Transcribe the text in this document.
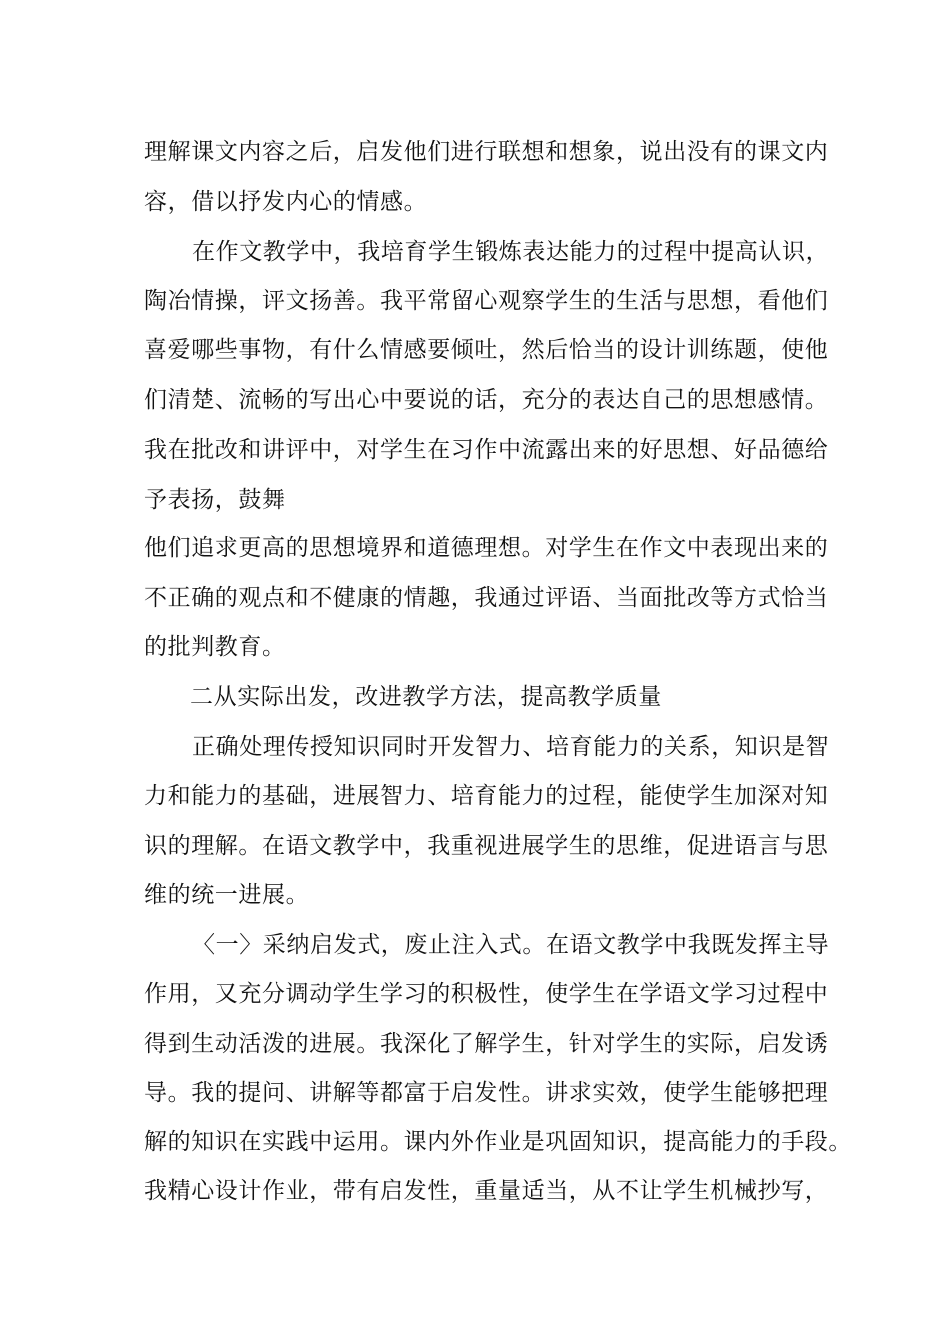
理解课文内容之后，启发他们进行联想和想象，说出没有的课文内
容，借以抒发内心的情感。
在作文教学中，我培育学生锻炼表达能力的过程中提高认识，
陶冶情操，评文扬善。我平常留心观察学生的生活与思想，看他们
喜爱哪些事物，有什么情感要倾吐，然后恰当的设计训练题，使他
们清楚、流畅的写出心中要说的话，充分的表达自己的思想感情。
我在批改和讲评中，对学生在习作中流露出来的好思想、好品德给
予表扬，鼓舞
他们追求更高的思想境界和道德理想。对学生在作文中表现出来的
不正确的观点和不健康的情趣，我通过评语、当面批改等方式恰当
的批判教育。
二从实际出发，改进教学方法，提高教学质量
正确处理传授知识同时开发智力、培育能力的关系，知识是智
力和能力的基础，进展智力、培育能力的过程，能使学生加深对知
识的理解。在语文教学中，我重视进展学生的思维，促进语言与思
维的统一进展。
〈一〉采纳启发式，废止注入式。在语文教学中我既发挥主导
作用，又充分调动学生学习的积极性，使学生在学语文学习过程中
得到生动活泼的进展。我深化了解学生，针对学生的实际，启发诱
导。我的提问、讲解等都富于启发性。讲求实效，使学生能够把理
解的知识在实践中运用。课内外作业是巩固知识，提高能力的手段。
我精心设计作业，带有启发性，重量适当，从不让学生机械抄写，
